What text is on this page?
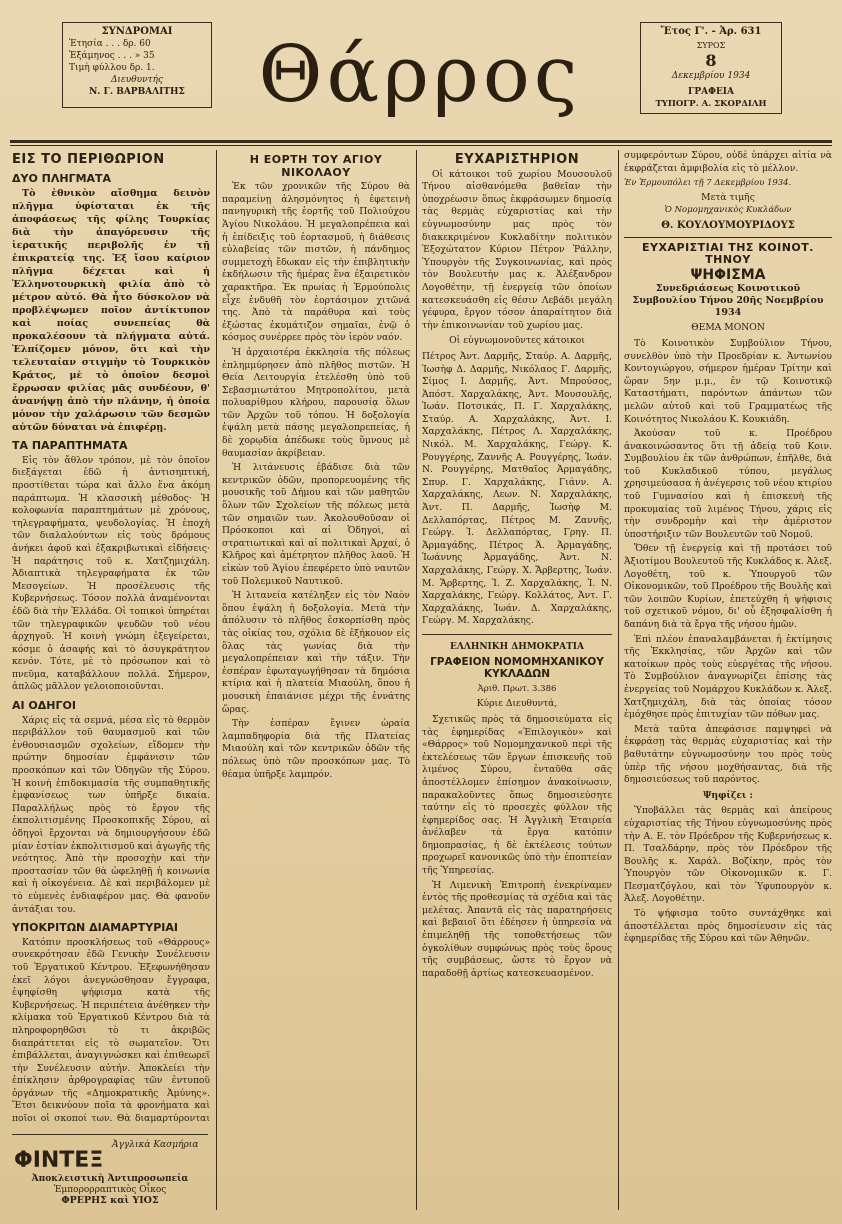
ΣΥΝΔΡΟΜΑΙ
Ἐτησία . . . δρ. 60
Ἑξάμηνος . . . » 35
Τιμὴ φύλλου δρ. 1.
Διευθυντής
Ν. Γ. ΒΑΡΒΑΛΙΤΗΣ Θάρρος	Ἔτος Γ'. - Ἀρ. 631
ΣΥΡΟΣ
8
Δεκεμβρίου 1934
ΓΡΑΦΕΙΑ
ΤΥΠΟΓΡ. Α. ΣΚΟΡΔΙΛΗ
ΕΙΣ ΤΟ ΠΕΡΙΘΩΡΙΟΝ
ΔΥΟ ΠΛΗΓΜΑΤΑ

Τὸ ἐθνικὸν αἴσθημα δεινὸν πλῆγμα ὑφίσταται ἐκ τῆς ἀποφάσεως τῆς φίλης Τουρκίας διὰ τὴν ἀπαγόρευσιν τῆς ἱερατικῆς περιβολῆς ἐν τῇ ἐπικρατείᾳ της. Ἐξ ἴσου καίριον πλῆγμα δέχεται καὶ ἡ Ἑλληνοτουρκικὴ φιλία ἀπὸ τὸ μέτρον αὐτό. Θὰ ἦτο δύσκολον νὰ προβλέψωμεν ποῖον ἀντίκτυπον καὶ ποίας συνεπείας θὰ προκαλέσουν τὰ πλήγματα αὐτά. Ἐλπίζομεν μόνον, ὅτι καὶ τὴν τελευταίαν στιγμὴν τὸ Τουρκικὸν Κράτος, μὲ τὸ ὁποῖον δεσμοὶ ἔρρωσαν φιλίας μᾶς συνδέουν, θ' ἀνανήψῃ ἀπὸ τὴν πλάνην, ἡ ὁποία μόνον τὴν χαλάρωσιν τῶν δεσμῶν αὐτῶν δύναται νὰ ἐπιφέρῃ.

ΤΑ ΠΑΡΑΠΤΗΜΑΤΑ

Εἰς τὸν ἄθλον τρόπον, μὲ τὸν ὁποῖον διεξάγεται ἐδῶ ἡ ἀντισηπτική, προστίθεται τώρα καὶ ἄλλο ἕνα ἀκόμη παράπτωμα. Ἡ κλασσικὴ μέθοδος· Ἡ κολοφωνία παραπτημάτων μὲ χρόνους, τηλεγραφήματα, ψευδολογίας. Ἡ ἐποχὴ τῶν διαλαλούντων εἰς τοὺς δρόμους ἀνήκει ἀφοῦ καὶ ἐξακριβωτικαὶ εἰδήσεις· Ἡ παράτησις τοῦ κ. Χατζημιχάλη. Ἀδιαπτικὰ τηλεγραφήματα ἐκ τῶν Μεσογείων. Ἡ προσέλευσις τῆς Κυβερνήσεως. Τόσον πολλὰ ἀναμένονται ἐδῶ διὰ τὴν Ἑλλάδα. Οἱ τοπικοὶ ὑπηρέται τῶν τηλεγραφικῶν ψευδῶν τοῦ νέου ἀρχηγοῦ. Ἡ κοινὴ γνώμη ἐξεγείρεται, κόσμε ὁ ἀσαφής καὶ τὸ ἀσυγκράτητον κενόν. Τότε, μὲ τὸ πρόσωπον καὶ τὸ πνεῦμα, καταβάλλουν πολλά. Σήμερον, ἀπλῶς μᾶλλον γελοιοποιοῦνται.

ΑΙ ΟΔΗΓΟΙ

Χάρις εἰς τὰ σεμνά, μέσα εἰς τὸ θερμὸν περιβάλλον τοῦ θαυμασμοῦ καὶ τῶν ἐνθουσιασμῶν σχολείων, εἴδομεν τὴν πρώτην δημοσίαν ἐμφάνισιν τῶν προσκόπων καὶ τῶν Ὁδηγῶν τῆς Σύρου. Ἡ κοινὴ ἐπιδοκιμασία τῆς συμπαθητικῆς ἐμφανίσεως των ὑπῆρξε δικαία. Παραλλήλως πρὸς τὸ ἔργον τῆς ἐκπολιτισμένης Προσκοπικῆς Σύρου, αἱ ὁδηγοὶ ἔρχονται νὰ δημιουργήσουν ἐδῶ μίαν ἐστίαν ἐκπολιτισμοῦ καὶ ἀγωγῆς τῆς νεότητος. Ἀπὸ τὴν προσοχὴν καὶ τὴν προστασίαν τῶν θὰ ὠφεληθῇ ἡ κοινωνία καὶ ἡ οἰκογένεια. Δὲ καὶ περιβάλομεν μὲ τὸ εὐμενὲς ἐνδιαφέρον μας. Θὰ φανοῦν ἀντάξιαι του.

ΥΠΟΚΡΙΤΩΝ ΔΙΑΜΑΡΤΥΡΙΑΙ

Κατόπιν προσκλήσεως τοῦ «Θάρρους» συνεκρότησαν ἐδῶ Γενικὴν Συνέλευσιν τοῦ Ἐργατικοῦ Κέντρου. Ἐξεφωνήθησαν ἐκεῖ λόγοι ἀνεγνώσθησαν ἔγγραφα, ἐψηφίσθη ψήφισμα κατὰ τῆς Κυβερνήσεως. Ἡ περιπέτεια ἀνέθηκεν τὴν κλίμακα τοῦ Ἐργατικοῦ Κέντρου διὰ τὰ πληροφορηθῶσι τὸ τι ἀκριβῶς διαπράττεται εἰς τὸ σωματεῖον. Ὅτι ἐπιβάλλεται, ἀναγιγνώσκει καὶ ἐπιθεωρεῖ τὴν Συνέλευσιν αὐτήν. Ἀποκλείει τὴν ἐπίκλησιν ἀρθρογραφίας τῶν ἐντυποῦ ὀργάνων τῆς «Δημοκρατικῆς Ἀμύνης». Ἔτσι δεικνύουν ποῖα τὰ φρονήματα καὶ ποῖοι οἱ σκοποί των. Θὰ διαμαρτύρονται

ΦΙΝΤΕΞ
Ἀγγλικὰ Κασμήρια
Ἀποκλειστικὴ Ἀντιπροσωπεία
Ἐμπορορραπτικὸς Οἶκος
ΦΡΕΡΗΣ καὶ ΥΙΟΣ
Η ΕΟΡΤΗ ΤΟΥ ΑΓΙΟΥ ΝΙΚΟΛΑΟΥ

Ἐκ τῶν χρονικῶν τῆς Σύρου θὰ παραμείνῃ ἀλησμόνητος ἡ ἐφετεινὴ πανηγυρικὴ τῆς ἑορτῆς τοῦ Πολιούχου Ἁγίου Νικολάου. Ἡ μεγαλοπρέπεια καὶ ἡ ἐπίδειξις τοῦ ἑορτασμοῦ, ἡ διάθεσις εὐλαβείας τῶν πιστῶν, ἡ πάνδημος συμμετοχὴ ἔδωκαν εἰς τὴν ἐπιβλητικὴν ἐκδήλωσιν τῆς ἡμέρας ἕνα ἐξαιρετικὸν χαρακτῆρα. Ἐκ πρωίας ἡ Ἑρμούπολις εἶχε ἐνδυθῆ τὸν ἑορτάσιμον χιτῶνά της. Ἀπὸ τὰ παράθυρα καὶ τοὺς ἐξώστας ἐκυμάτιζον σημαῖαι, ἐνῷ ὁ κόσμος συνέρρεε πρὸς τὸν ἱερὸν ναόν.

Ἡ ἀρχαιοτέρα ἐκκλησία τῆς πόλεως ἐπλημμύρησεν ἀπὸ πλῆθος πιστῶν. Ἡ Θεία Λειτουργία ἐτελέσθη ὑπὸ τοῦ Σεβασμιωτάτου Μητροπολίτου, μετὰ πολυαρίθμου κλήρου, παρουσίᾳ ὅλων τῶν Ἀρχῶν τοῦ τόπου. Ἡ δοξολογία ἐψάλη μετὰ πάσης μεγαλοπρεπείας, ἡ δὲ χορῳδία ἀπέδωκε τοὺς ὕμνους μὲ θαυμασίαν ἀκρίβειαν.

Ἡ λιτάνευσις ἐβάδισε διὰ τῶν κεντρικῶν ὁδῶν, προπορευομένης τῆς μουσικῆς τοῦ Δήμου καὶ τῶν μαθητῶν ὅλων τῶν Σχολείων τῆς πόλεως μετὰ τῶν σημαιῶν των. Ἀκολουθοῦσαν οἱ Πρόσκοποι καὶ αἱ Ὁδηγοὶ, αἱ στρατιωτικαὶ καὶ αἱ πολιτικαὶ Ἀρχαί, ὁ Κλῆρος καὶ ἀμέτρητον πλῆθος λαοῦ. Ἡ εἰκὼν τοῦ Ἁγίου ἐπεφέρετο ὑπὸ ναυτῶν τοῦ Πολεμικοῦ Ναυτικοῦ.

Ἡ λιτανεία κατέληξεν εἰς τὸν Ναὸν ὅπου ἐψάλη ἡ δοξολογία. Μετὰ τὴν ἀπόλυσιν τὸ πλῆθος ἐσκορπίσθη πρὸς τὰς οἰκίας του, σχόλια δὲ ἐξήκουον εἰς ὅλας τὰς γωνίας διὰ τὴν μεγαλοπρέπειαν καὶ τὴν τάξιν. Τὴν ἑσπέραν ἐφωταγωγήθησαν τὰ δημόσια κτίρια καὶ ἡ πλατεία Μιαούλη, ὅπου ἡ μουσικὴ ἐπαιάνισε μέχρι τῆς ἐννάτης ὥρας.

Τὴν ἑσπέραν ἔγινεν ὡραία λαμπαδηφορία διὰ τῆς Πλατείας Μιαούλη καὶ τῶν κεντρικῶν ὁδῶν τῆς πόλεως ὑπὸ τῶν προσκόπων μας. Τὸ θέαμα ὑπῆρξε λαμπρόν.

ΕΥΧΑΡΙΣΤΗΡΙΟΝ

Οἱ κάτοικοι τοῦ χωρίου Μουσουλοῦ Τήνου αἰσθανόμεθα βαθεῖαν τὴν ὑποχρέωσιν ὅπως ἐκφράσωμεν δημοσίᾳ τὰς θερμὰς εὐχαριστίας καὶ τὴν εὐγνωμοσύνην μας πρὸς τὸν διακεκριμένον Κυκλαδίτην πολιτικὸν Ἐξοχώτατον Κύριον Πέτρον Ῥάλλην, Ὑπουργὸν τῆς Συγκοινωνίας, καὶ πρὸς τὸν Βουλευτὴν μας κ. Ἀλέξανδρον Λογοθέτην, τῇ ἐνεργείᾳ τῶν ὁποίων κατεσκευάσθη εἰς θέσιν Λεβάδι μεγάλη γέφυρα, ἔργον τόσον ἀπαραίτητον διὰ τὴν ἐπικοινωνίαν τοῦ χωρίου μας.

Οἱ εὐγνωμονοῦντες κάτοικοι

Πέτρος Ἀντ. Δαρμῆς, Σταύρ. Α. Δαρμῆς, Ἰωσὴφ Δ. Δαρμῆς, Νικόλαος Γ. Δαρμῆς, Σίμος Ι. Δαρμῆς, Ἀντ. Μπρούσος, Ἀπόστ. Χαρχαλάκης, Ἀντ. Μουσουλῆς, Ἰωάν. Ποτσικάς, Π. Γ. Χαρχαλάκης, Σταύρ. Α. Χαρχαλάκης, Ἀντ. Ι. Χαρχαλάκης, Πέτρος Λ. Χαρχαλάκης, Νικόλ. Μ. Χαρχαλάκης, Γεώργ. Κ. Ρουγγέρης, Ζαννῆς Α. Ρουγγέρης, Ἰωάν. Ν. Ρουγγέρης, Ματθαῖος Ἀρμαγάδης, Σπυρ. Γ. Χαρχαλάκης, Γιάνν. Α. Χαρχαλάκης, Λεων. Ν. Χαρχαλάκης, Ἀντ. Π. Δαρμῆς, Ἰωσὴφ Μ. Δελλαπόρτας, Πέτρος Μ. Ζαννῆς, Γεώργ. Ἰ. Δελλαπόρτας, Γρηγ. Π. Ἀρμαγάδης, Πέτρος Ἀ. Ἀρμαγάδης, Ἰωάννης Ἀρμαγάδης, Ἀντ. Ν. Χαρχαλάκης, Γεώργ. Χ. Ἄρβερτης, Ἰωάν. Μ. Ἄρβερτης, Ἰ. Ζ. Χαρχαλάκης, Ἰ. Ν. Χαρχαλάκης, Γεώργ. Κολλάτος, Ἀντ. Γ. Χαρχαλάκης, Ἰωάν. Δ. Χαρχαλάκης, Γεώργ. Μ. Χαρχαλάκης.

ΕΛΛΗΝΙΚΗ ΔΗΜΟΚΡΑΤΙΑ
ΓΡΑΦΕΙΟΝ ΝΟΜΟΜΗΧΑΝΙΚΟΥ ΚΥΚΛΑΔΩΝ
Ἀριθ. Πρωτ. 3.386
Κύριε Διευθυντά,

Σχετικῶς πρὸς τὰ δημοσιεύματα εἰς τὰς ἐφημερίδας «Ἐπιλογικὸν» καὶ «Θάρρος» τοῦ Νομομηχανικοῦ περὶ τῆς ἐκτελέσεως τῶν ἔργων ἐπισκευῆς τοῦ λιμένος Σύρου, ἐνταῦθα σᾶς ἀποστέλλομεν ἐπίσημον ἀνακοίνωσιν, παρακαλοῦντες ὅπως δημοσιεύσητε ταύτην εἰς τὸ προσεχὲς φύλλον τῆς ἐφημερίδος σας. Ἡ Ἀγγλικὴ Ἑταιρεία ἀνέλαβεν τὰ ἔργα κατόπιν δημοπρασίας, ἡ δὲ ἐκτέλεσις τούτων προχωρεῖ κανονικῶς ὑπὸ τὴν ἐποπτείαν τῆς Ὑπηρεσίας.

Ἡ Λιμενικὴ Ἐπιτροπὴ ἐνεκρίναμεν ἐντὸς τῆς προθεσμίας τὰ σχέδια καὶ τὰς μελέτας. Ἀπαντᾶ εἰς τὰς παρατηρήσεις καὶ βεβαιοῖ ὅτι ἐδέησεν ἡ ὑπηρεσία νὰ ἐπιμεληθῇ τῆς τοποθετήσεως τῶν ὀγκολίθων συμφώνως πρὸς τοὺς ὅρους τῆς συμβάσεως, ὥστε τὸ ἔργον νὰ παραδοθῇ ἀρτίως κατεσκευασμένον.

συμφερόντων Σύρου, οὐδὲ ὑπάρχει αἰτία νὰ ἐκφράζεται ἀμφιβολία εἰς τὸ μέλλον.

Ἐν Ἑρμουπόλει τῇ 7 Δεκεμβρίου 1934.
Μετὰ τιμῆς
Ὁ Νομομηχανικὸς Κυκλάδων
Θ. ΚΟΥΛΟΥΜΟΥΡΙΔΟΥΣ
ΕΥΧΑΡΙΣΤΙΑΙ ΤΗΣ ΚΟΙΝΟΤ. ΤΗΝΟΥ
ΨΗΦΙΣΜΑ
Συνεδριάσεως Κοινοτικοῦ Συμβουλίου Τήνου 20ῆς Νοεμβρίου 1934
ΘΕΜΑ ΜΟΝΟΝ

Τὸ Κοινοτικὸν Συμβούλιον Τήνου, συνελθὸν ὑπὸ τὴν Προεδρίαν κ. Ἀντωνίου Κοντογιώργου, σήμερον ἡμέραν Τρίτην καὶ ὥραν 5ην μ.μ., ἐν τῷ Κοινοτικῷ Καταστήματι, παρόντων ἁπάντων τῶν μελῶν αὐτοῦ καὶ τοῦ Γραμματέως τῆς Κοινότητος Νικολάου Κ. Κουκιάδη.

Ἀκούσαν τοῦ κ. Προέδρου ἀνακοινώσαντος ὅτι τῇ ἀδείᾳ τοῦ Κοιν. Συμβουλίου ἐκ τῶν ἀνθρώπων, ἐπῆλθε, διὰ τοῦ Κυκλαδικοῦ τύπου, μεγάλως χρησιμεύσασα ἡ ἀνέγερσις τοῦ νέου κτιρίου τοῦ Γυμνασίου καὶ ἡ ἐπισκευὴ τῆς προκυμαίας τοῦ λιμένος Τήνου, χάρις εἰς τὴν συνδρομὴν καὶ τὴν ἀμέριστον ὑποστήριξιν τῶν Βουλευτῶν τοῦ Νομοῦ.

Ὅθεν τῇ ἐνεργείᾳ καὶ τῇ προτάσει τοῦ Ἀξιοτίμου Βουλευτοῦ τῆς Κυκλάδος κ. Ἀλεξ. Λογοθέτη, τοῦ κ. Ὑπουργοῦ τῶν Οἰκονομικῶν, τοῦ Προέδρου τῆς Βουλῆς καὶ τῶν λοιπῶν Κυρίων, ἐπετεύχθη ἡ ψήφισις τοῦ σχετικοῦ νόμου, δι' οὗ ἐξησφαλίσθη ἡ δαπάνη διὰ τὰ ἔργα τῆς νήσου ἡμῶν.

Ἐπὶ πλέον ἐπαναλαμβάνεται ἡ ἐκτίμησις τῆς Ἐκκλησίας, τῶν Ἀρχῶν καὶ τῶν κατοίκων πρὸς τοὺς εὐεργέτας τῆς νήσου. Τὸ Συμβούλιον ἀναγνωρίζει ἐπίσης τὰς ἐνεργείας τοῦ Νομάρχου Κυκλάδων κ. Ἀλεξ. Χατζημιχάλη, διὰ τὰς ὁποίας τόσον ἐμόχθησε πρὸς ἐπιτυχίαν τῶν πόθων μας.

Μετὰ ταῦτα ἀπεφάσισε παμψηφεὶ νὰ ἐκφράσῃ τὰς θερμὰς εὐχαριστίας καὶ τὴν βαθυτάτην εὐγνωμοσύνην του πρὸς τοὺς ὑπὲρ τῆς νήσου μοχθήσαντας, διὰ τῆς δημοσιεύσεως τοῦ παρόντος.

Ψηφίζει :

Ὑποβάλλει τὰς θερμὰς καὶ ἀπείρους εὐχαριστίας τῆς Τήνου εὐγνωμοσύνης πρὸς τὴν Α. Ε. τὸν Πρόεδρον τῆς Κυβερνήσεως κ. Π. Τσαλδάρην, πρὸς τὸν Πρόεδρον τῆς Βουλῆς κ. Χαράλ. Βοζίκην, πρὸς τὸν Ὑπουργὸν τῶν Οἰκονομικῶν κ. Γ. Πεσματζόγλου, καὶ τὸν Ὑφυπουργὸν κ. Ἀλεξ. Λογοθέτην.

Τὸ ψήφισμα τοῦτο συντάχθηκε καὶ ἀποστέλλεται πρὸς δημοσίευσιν εἰς τὰς ἐφημερίδας τῆς Σύρου καὶ τῶν Ἀθηνῶν.
